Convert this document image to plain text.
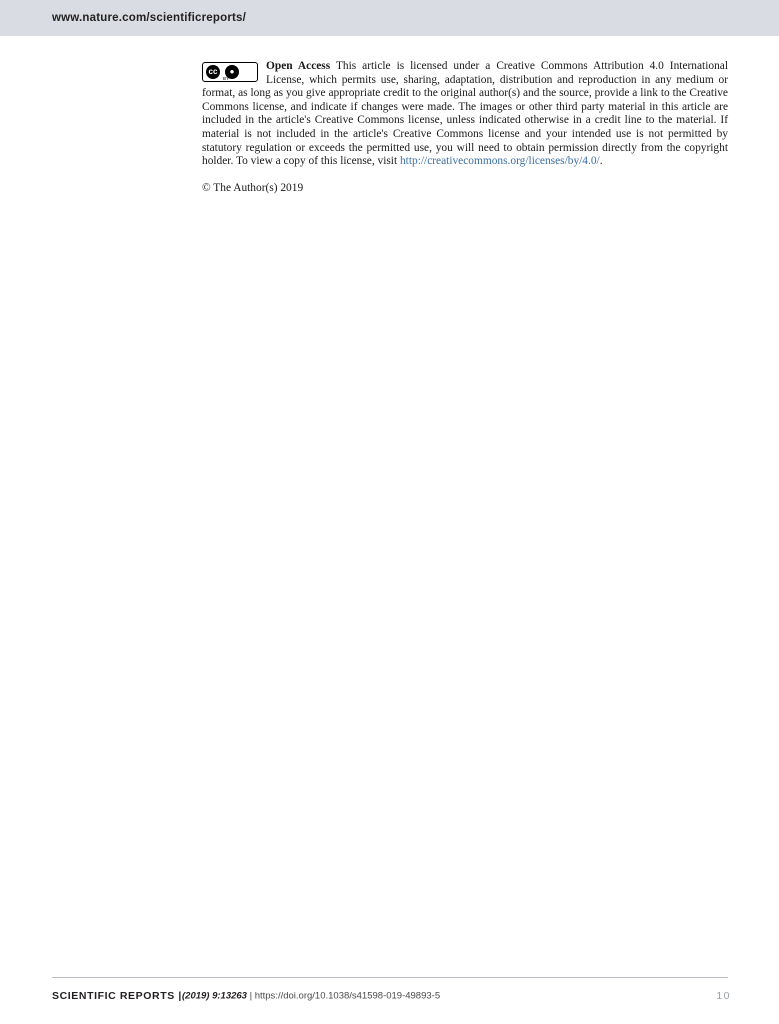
www.nature.com/scientificreports/
cc	●
BY
Open Access This article is licensed under a Creative Commons Attribution 4.0 International License, which permits use, sharing, adaptation, distribution and reproduction in any medium or format, as long as you give appropriate credit to the original author(s) and the source, provide a link to the Creative Commons license, and indicate if changes were made. The images or other third party material in this article are included in the article's Creative Commons license, unless indicated otherwise in a credit line to the material. If material is not included in the article's Creative Commons license and your intended use is not permitted by statutory regulation or exceeds the permitted use, you will need to obtain permission directly from the copyright holder. To view a copy of this license, visit http://creativecommons.org/licenses/by/4.0/.
© The Author(s) 2019
SCIENTIFIC REPORTS | (2019) 9:13263 | https://doi.org/10.1038/s41598-019-49893-5	10
